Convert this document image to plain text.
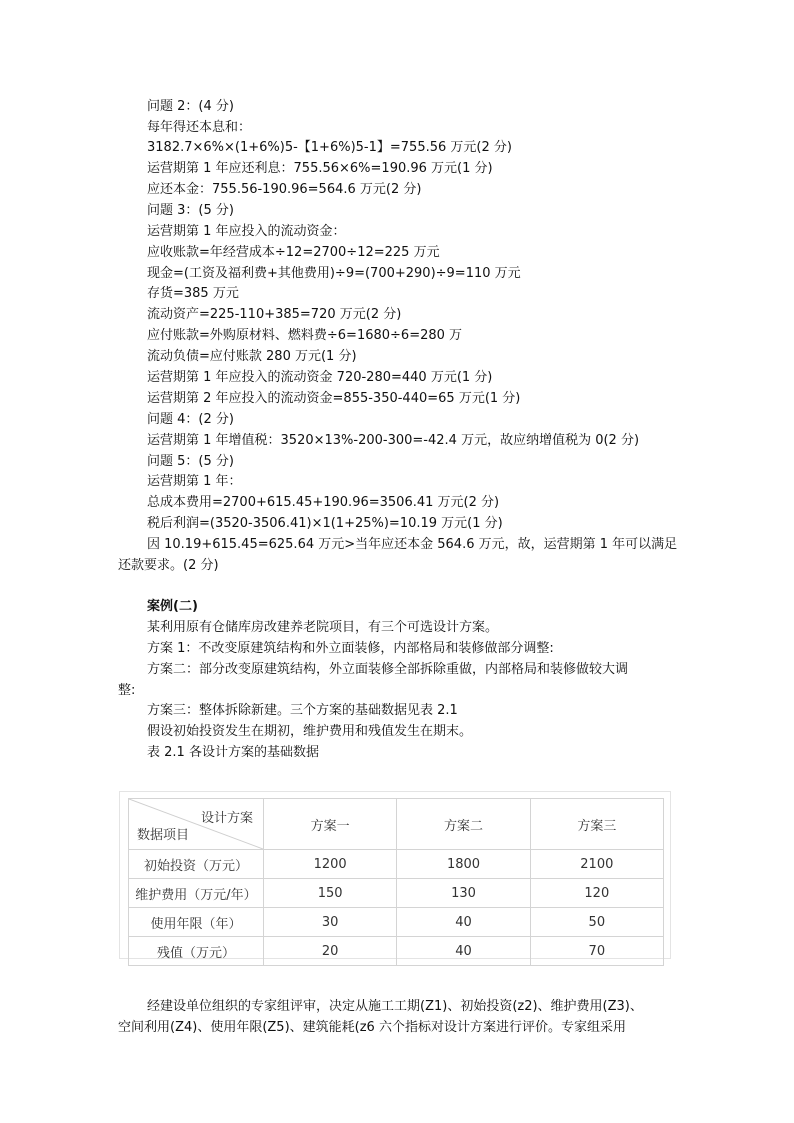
问题 2：(4 分)
每年得还本息和：
3182.7×6%×(1+6%)5-【1+6%)5-1】=755.56 万元(2 分)
运营期第 1 年应还利息：755.56×6%=190.96 万元(1 分)
应还本金：755.56-190.96=564.6 万元(2 分)
问题 3：(5 分)
运营期第 1 年应投入的流动资金：
应收账款=年经营成本÷12=2700÷12=225 万元
现金=(工资及福利费+其他费用)÷9=(700+290)÷9=110 万元
存货=385 万元
流动资产=225-110+385=720 万元(2 分)
应付账款=外购原材料、燃料费÷6=1680÷6=280 万
流动负债=应付账款 280 万元(1 分)
运营期第 1 年应投入的流动资金 720-280=440 万元(1 分)
运营期第 2 年应投入的流动资金=855-350-440=65 万元(1 分)
问题 4：(2 分)
运营期第 1 年增值税：3520×13%-200-300=-42.4 万元，故应纳增值税为 0(2 分)
问题 5：(5 分)
运营期第 1 年：
总成本费用=2700+615.45+190.96=3506.41 万元(2 分)
税后利润=(3520-3506.41)×1(1+25%)=10.19 万元(1 分)
因 10.19+615.45=625.64 万元>当年应还本金 564.6 万元，故，运营期第 1 年可以满足
还款要求。(2 分)
案例(二)
某利用原有仓储库房改建养老院项目，有三个可选设计方案。
方案 1：不改变原建筑结构和外立面装修，内部格局和装修做部分调整:
方案二：部分改变原建筑结构，外立面装修全部拆除重做，内部格局和装修做较大调
整:
方案三：整体拆除新建。三个方案的基础数据见表 2.1
假设初始投资发生在期初，维护费用和残值发生在期末。
表 2.1 各设计方案的基础数据
设计方案
数据项目	方案一	方案二	方案三
初始投资（万元）	1200	1800	2100
维护费用（万元/年）	150	130	120
使用年限（年）	30	40	50
残值（万元）	20	40	70
经建设单位组织的专家组评审，决定从施工工期(Z1)、初始投资(z2)、维护费用(Z3)、
空间利用(Z4)、使用年限(Z5)、建筑能耗(z6 六个指标对设计方案进行评价。专家组采用
